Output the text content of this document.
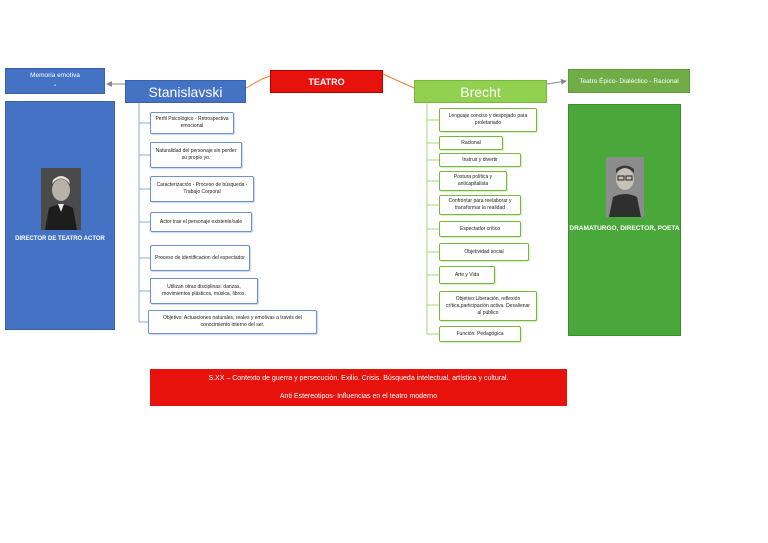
TEATRO
Stanislavski	Brecht
Memoria emotiva
-
Teatro Épico- Dialéctico - Racional
DIRECTOR DE TEATRO ACTOR
DRAMATURGO, DIRECTOR, POETA
Perfil Psicológico - Retrospectiva emocional
Naturalidad del personaje sin perder su propio yo.
Caracterización - Proceso de búsqueda - Trabajo Corporal
Actor trae el personaje existente/sale
Proceso de identificacion del espectador
Utilizan otras disciplinas: danzas, movimientos plásticos, música, libros.
Objetivo: Actuaciones naturales, reales y emotivas a través del conocimiento interno del ser.
Lenguaje conciso y despojado para proletariado
Racional
Instruir y divertir
Postura política y anticapitalista
Confrontar para reelaborar y transformar la realidad
Espectador crítico
Objetividad social
Arte y Vida
Objetivo:Liberación, reflexión crítica,participación activa. Desalienar al público
Función: Pedagógica
S.XX – Contexto de guerra y persecución. Exilio. Crisis. Búsqueda intelectual, artística y cultural.
Anti Estereotipos- Influencias en el teatro moderno
